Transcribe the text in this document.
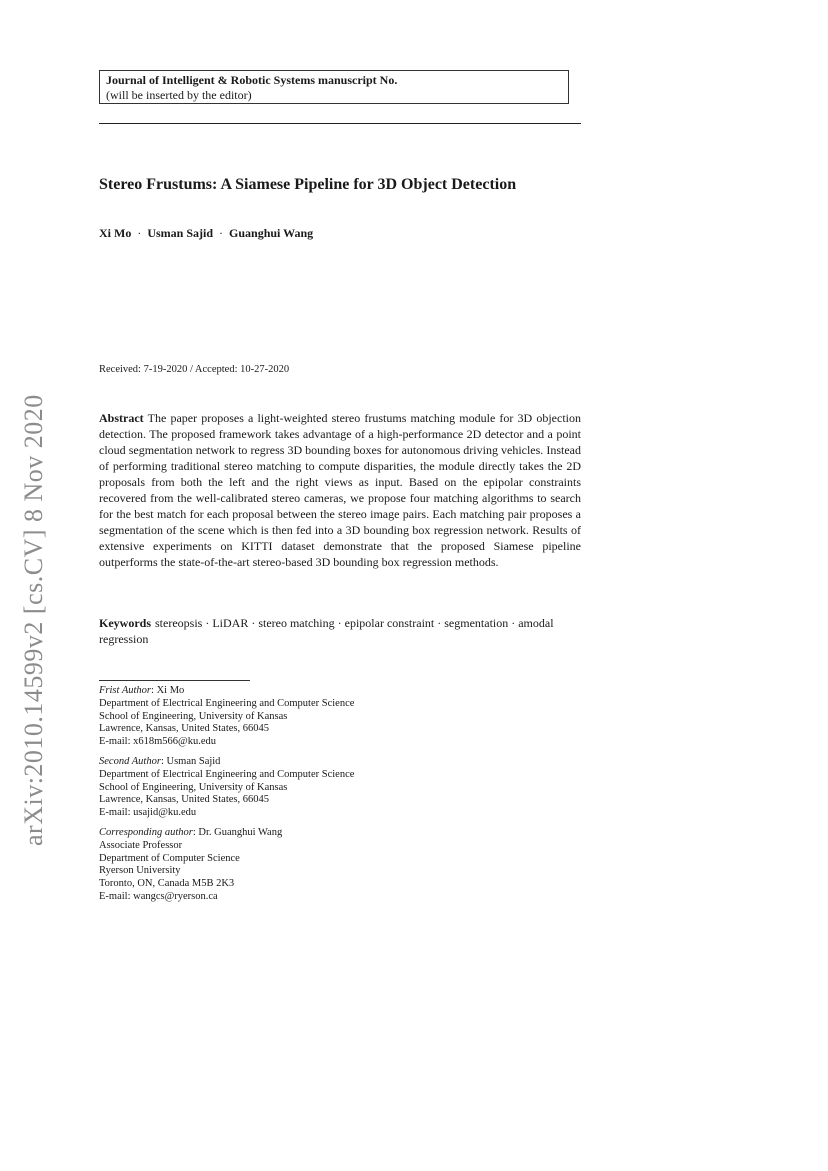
Journal of Intelligent & Robotic Systems manuscript No.
(will be inserted by the editor)
Stereo Frustums: A Siamese Pipeline for 3D Object Detection
Xi Mo · Usman Sajid · Guanghui Wang
Received: 7-19-2020 / Accepted: 10-27-2020

Abstract The paper proposes a light-weighted stereo frustums matching module for 3D objection detection. The proposed framework takes advantage of a high-performance 2D detector and a point cloud segmentation network to regress 3D bounding boxes for autonomous driving vehicles. Instead of performing traditional stereo matching to compute disparities, the module directly takes the 2D proposals from both the left and the right views as input. Based on the epipolar constraints recovered from the well-calibrated stereo cameras, we propose four matching algorithms to search for the best match for each proposal between the stereo image pairs. Each matching pair proposes a segmentation of the scene which is then fed into a 3D bounding box regression network. Results of extensive experiments on KITTI dataset demonstrate that the proposed Siamese pipeline outperforms the state-of-the-art stereo-based 3D bounding box regression methods.

Keywords stereopsis · LiDAR · stereo matching · epipolar constraint · segmentation · amodal regression

Frist Author: Xi Mo
Department of Electrical Engineering and Computer Science
School of Engineering, University of Kansas
Lawrence, Kansas, United States, 66045
E-mail: x618m566@ku.edu
Second Author: Usman Sajid
Department of Electrical Engineering and Computer Science
School of Engineering, University of Kansas
Lawrence, Kansas, United States, 66045
E-mail: usajid@ku.edu
Corresponding author: Dr. Guanghui Wang
Associate Professor
Department of Computer Science
Ryerson University
Toronto, ON, Canada M5B 2K3
E-mail: wangcs@ryerson.ca
arXiv:2010.14599v2 [cs.CV] 8 Nov 2020
